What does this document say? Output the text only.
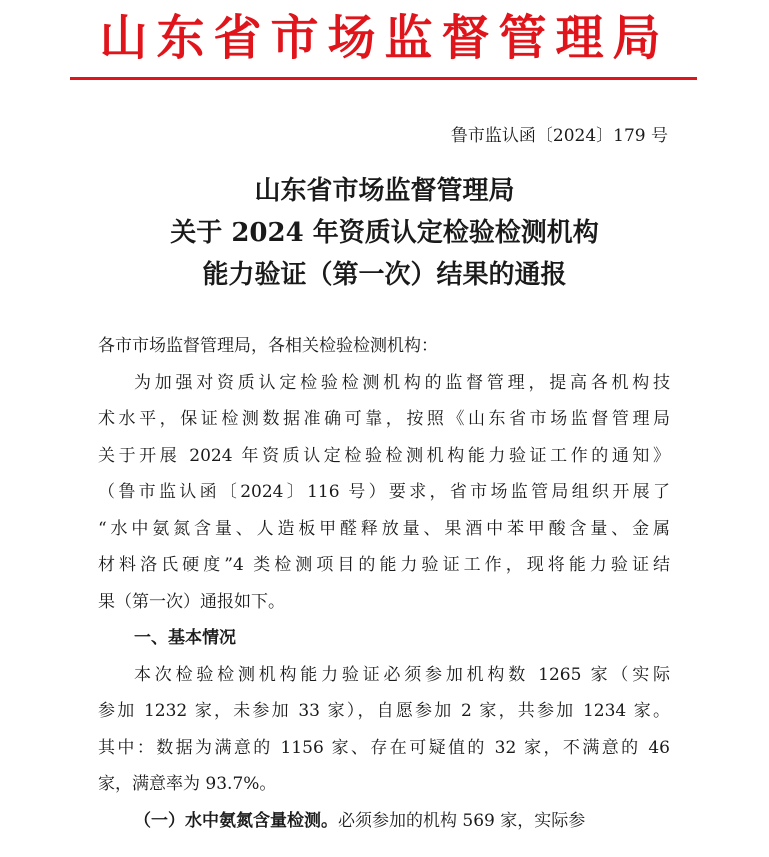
山东省市场监督管理局
鲁市监认函〔2024〕179 号
山东省市场监督管理局
关于 2024 年资质认定检验检测机构
能力验证（第一次）结果的通报
各市市场监督管理局，各相关检验检测机构：
为加强对资质认定检验检测机构的监督管理，提高各机构技
术水平，保证检测数据准确可靠，按照《山东省市场监督管理局
关于开展 2024 年资质认定检验检测机构能力验证工作的通知》
（鲁市监认函〔2024〕116 号）要求，省市场监管局组织开展了
“水中氨氮含量、人造板甲醛释放量、果酒中苯甲酸含量、金属
材料洛氏硬度”4 类检测项目的能力验证工作，现将能力验证结
果（第一次）通报如下。
一、基本情况
本次检验检测机构能力验证必须参加机构数 1265 家（实际
参加 1232 家，未参加 33 家），自愿参加 2 家，共参加 1234 家。
其中：数据为满意的 1156 家、存在可疑值的 32 家，不满意的 46
家，满意率为 93.7%。
（一）水中氨氮含量检测。必须参加的机构 569 家，实际参
